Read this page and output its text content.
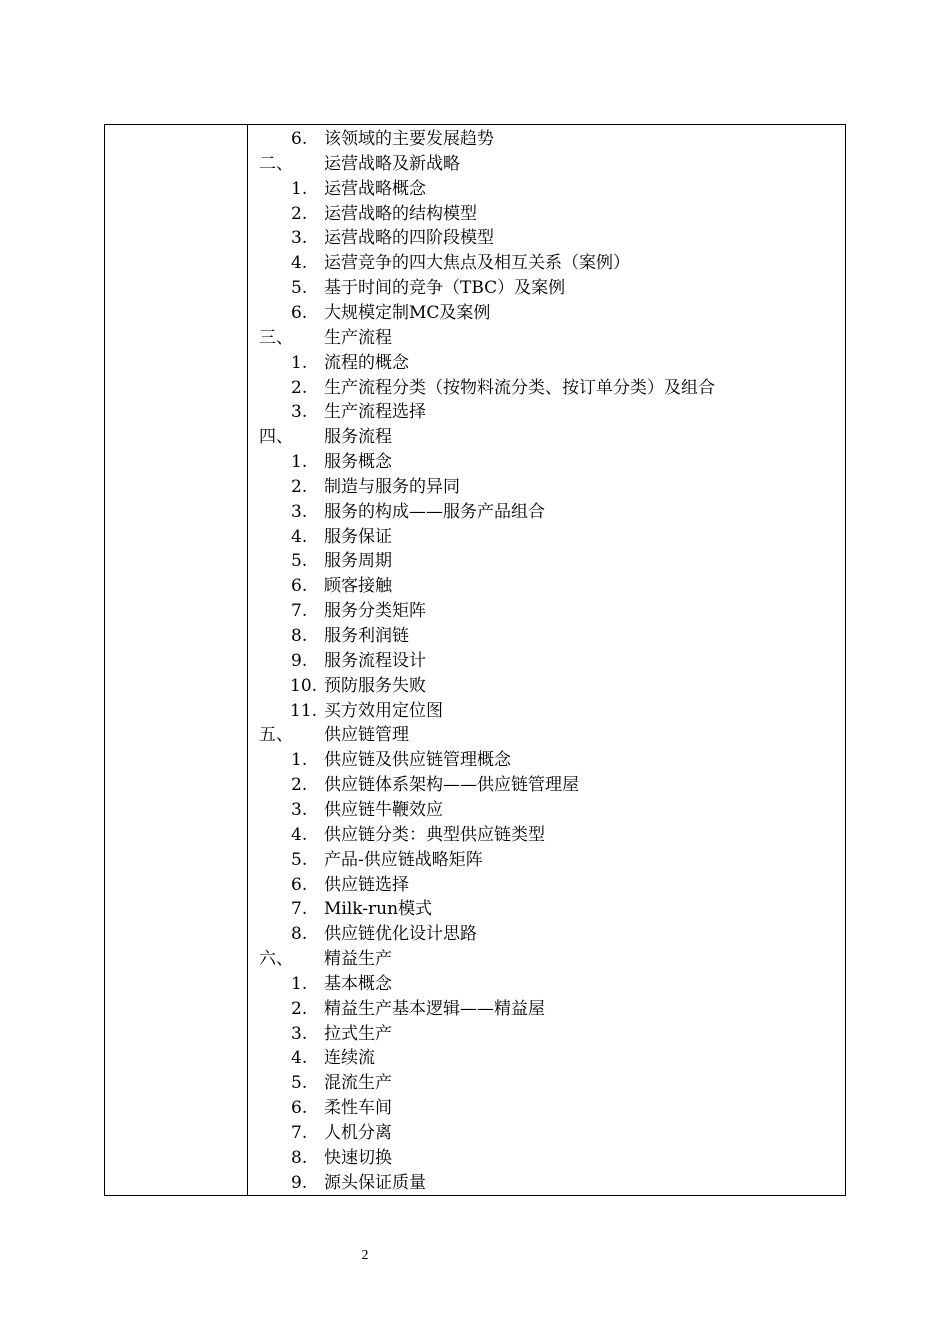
6. 该领域的主要发展趋势
二、 运营战略及新战略
1. 运营战略概念
2. 运营战略的结构模型
3. 运营战略的四阶段模型
4. 运营竞争的四大焦点及相互关系（案例）
5. 基于时间的竞争（TBC）及案例
6. 大规模定制MC及案例
三、 生产流程
1. 流程的概念
2. 生产流程分类（按物料流分类、按订单分类）及组合
3. 生产流程选择
四、 服务流程
1. 服务概念
2. 制造与服务的异同
3. 服务的构成——服务产品组合
4. 服务保证
5. 服务周期
6. 顾客接触
7. 服务分类矩阵
8. 服务利润链
9. 服务流程设计
10. 预防服务失败
11. 买方效用定位图
五、 供应链管理
1. 供应链及供应链管理概念
2. 供应链体系架构——供应链管理屋
3. 供应链牛鞭效应
4. 供应链分类：典型供应链类型
5. 产品-供应链战略矩阵
6. 供应链选择
7. Milk-run模式
8. 供应链优化设计思路
六、 精益生产
1. 基本概念
2. 精益生产基本逻辑——精益屋
3. 拉式生产
4. 连续流
5. 混流生产
6. 柔性车间
7. 人机分离
8. 快速切换
9. 源头保证质量
2
